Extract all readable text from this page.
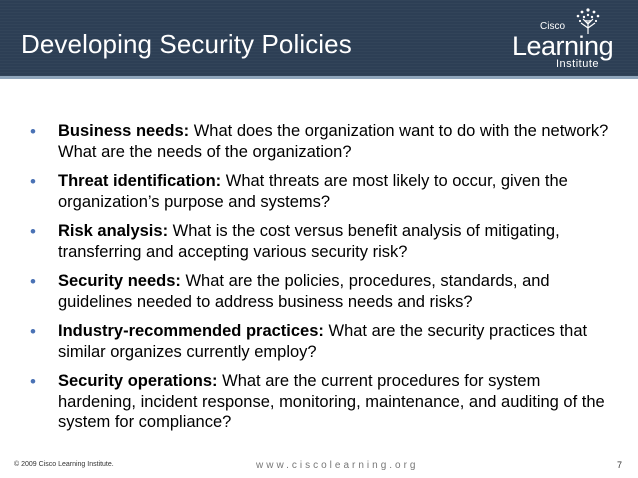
Developing Security Policies
Cisco
Learning
Institute
• Business needs: What does the organization want to do with the network? What are the needs of the organization?
• Threat identification: What threats are most likely to occur, given the organization’s purpose and systems?
• Risk analysis: What is the cost versus benefit analysis of mitigating, transferring and accepting various security risk?
• Security needs: What are the policies, procedures, standards, and guidelines needed to address business needs and risks?
• Industry-recommended practices: What are the security practices that similar organizes currently employ?
• Security operations: What are the current procedures for system hardening, incident response, monitoring, maintenance, and auditing of the system for compliance?
© 2009 Cisco Learning Institute.	www.ciscolearning.org	7
